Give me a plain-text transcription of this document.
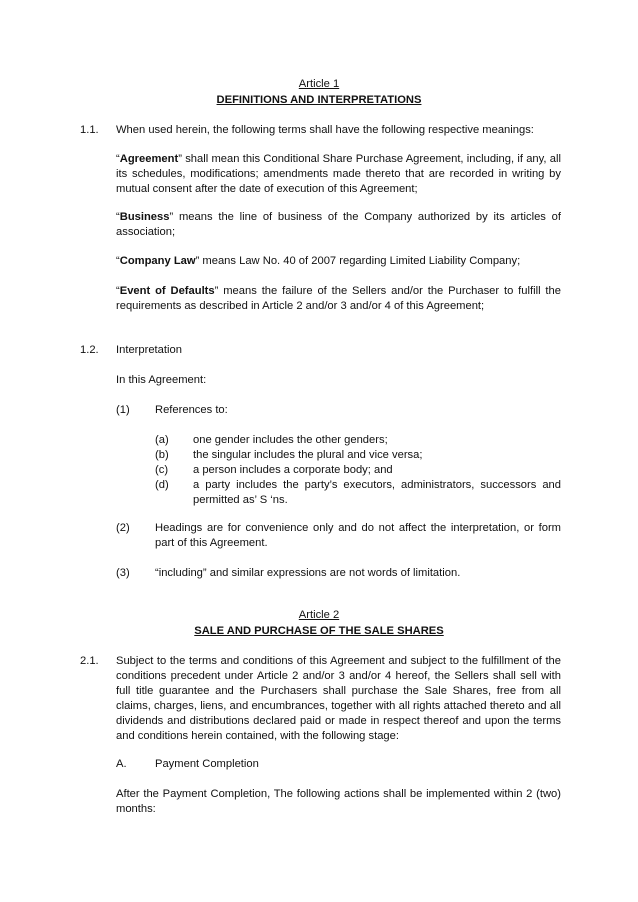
Article 1
DEFINITIONS AND INTERPRETATIONS
1.1. When used herein, the following terms shall have the following respective meanings:
“Agreement” shall mean this Conditional Share Purchase Agreement, including, if any, all its schedules, modifications; amendments made thereto that are recorded in writing by mutual consent after the date of execution of this Agreement;
“Business” means the line of business of the Company authorized by its articles of association;
“Company Law” means Law No. 40 of 2007 regarding Limited Liability Company;
“Event of Defaults” means the failure of the Sellers and/or the Purchaser to fulfill the requirements as described in Article 2 and/or 3 and/or 4 of this Agreement;
1.2. Interpretation
In this Agreement:
(1) References to:
(a) one gender includes the other genders;
(b) the singular includes the plural and vice versa;
(c) a person includes a corporate body; and
(d) a party includes the party’s executors, administrators, successors and permitted as’ S ‘ns.
(2) Headings are for convenience only and do not affect the interpretation, or form part of this Agreement.
(3) “including” and similar expressions are not words of limitation.
Article 2
SALE AND PURCHASE OF THE SALE SHARES
2.1. Subject to the terms and conditions of this Agreement and subject to the fulfillment of the conditions precedent under Article 2 and/or 3 and/or 4 hereof, the Sellers shall sell with full title guarantee and the Purchasers shall purchase the Sale Shares, free from all claims, charges, liens, and encumbrances, together with all rights attached thereto and all dividends and distributions declared paid or made in respect thereof and upon the terms and conditions herein contained, with the following stage:
A.	Payment Completion
After the Payment Completion, The following actions shall be implemented within 2 (two) months:
